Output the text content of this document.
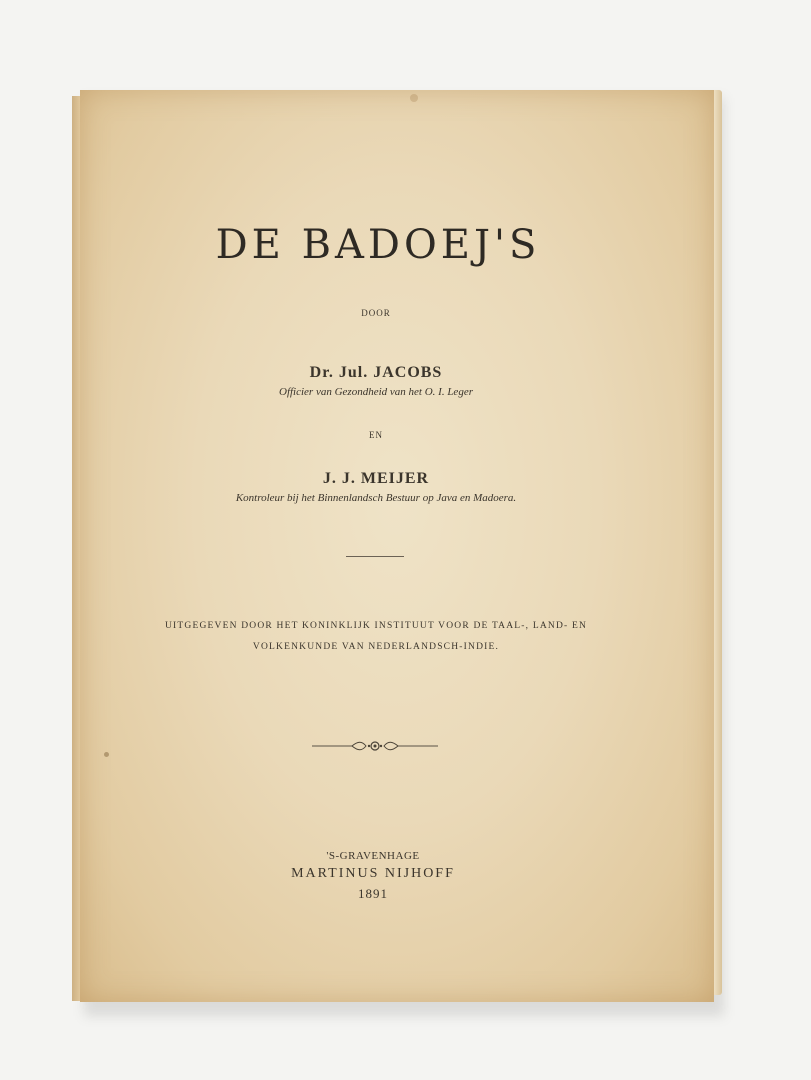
DE BADOEJ'S
DOOR
Dr. Jul. JACOBS
Officier van Gezondheid van het O. I. Leger
EN
J. J. MEIJER
Kontroleur bij het Binnenlandsch Bestuur op Java en Madoera.
UITGEGEVEN DOOR HET KONINKLIJK INSTITUUT VOOR DE TAAL-, LAND- EN
VOLKENKUNDE VAN NEDERLANDSCH-INDIE.
'S-GRAVENHAGE
MARTINUS NIJHOFF
1891
